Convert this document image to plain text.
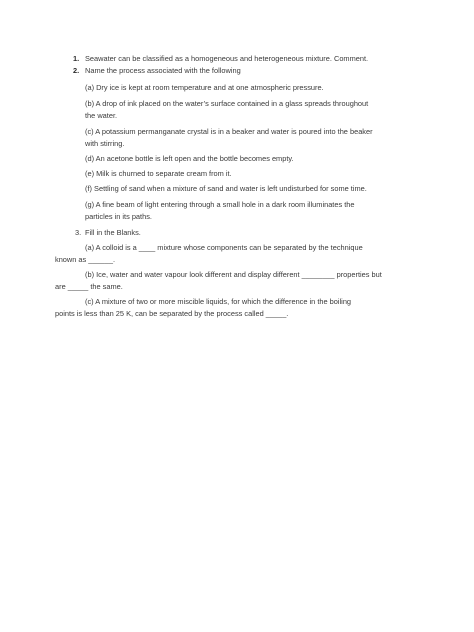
1. Seawater can be classified as a homogeneous and heterogeneous mixture. Comment.
2. Name the process associated with the following
(a) Dry ice is kept at room temperature and at one atmospheric pressure.
(b) A drop of ink placed on the water’s surface contained in a glass spreads throughout
the water.
(c) A potassium permanganate crystal is in a beaker and water is poured into the beaker
with stirring.
(d) An acetone bottle is left open and the bottle becomes empty.
(e) Milk is churned to separate cream from it.
(f) Settling of sand when a mixture of sand and water is left undisturbed for some time.
(g) A fine beam of light entering through a small hole in a dark room illuminates the
particles in its paths.
3. Fill in the Blanks.
(a) A colloid is a ____ mixture whose components can be separated by the technique
known as ______.
(b) Ice, water and water vapour look different and display different ________ properties but
are _____ the same.
(c) A mixture of two or more miscible liquids, for which the difference in the boiling
points is less than 25 K, can be separated by the process called _____.
